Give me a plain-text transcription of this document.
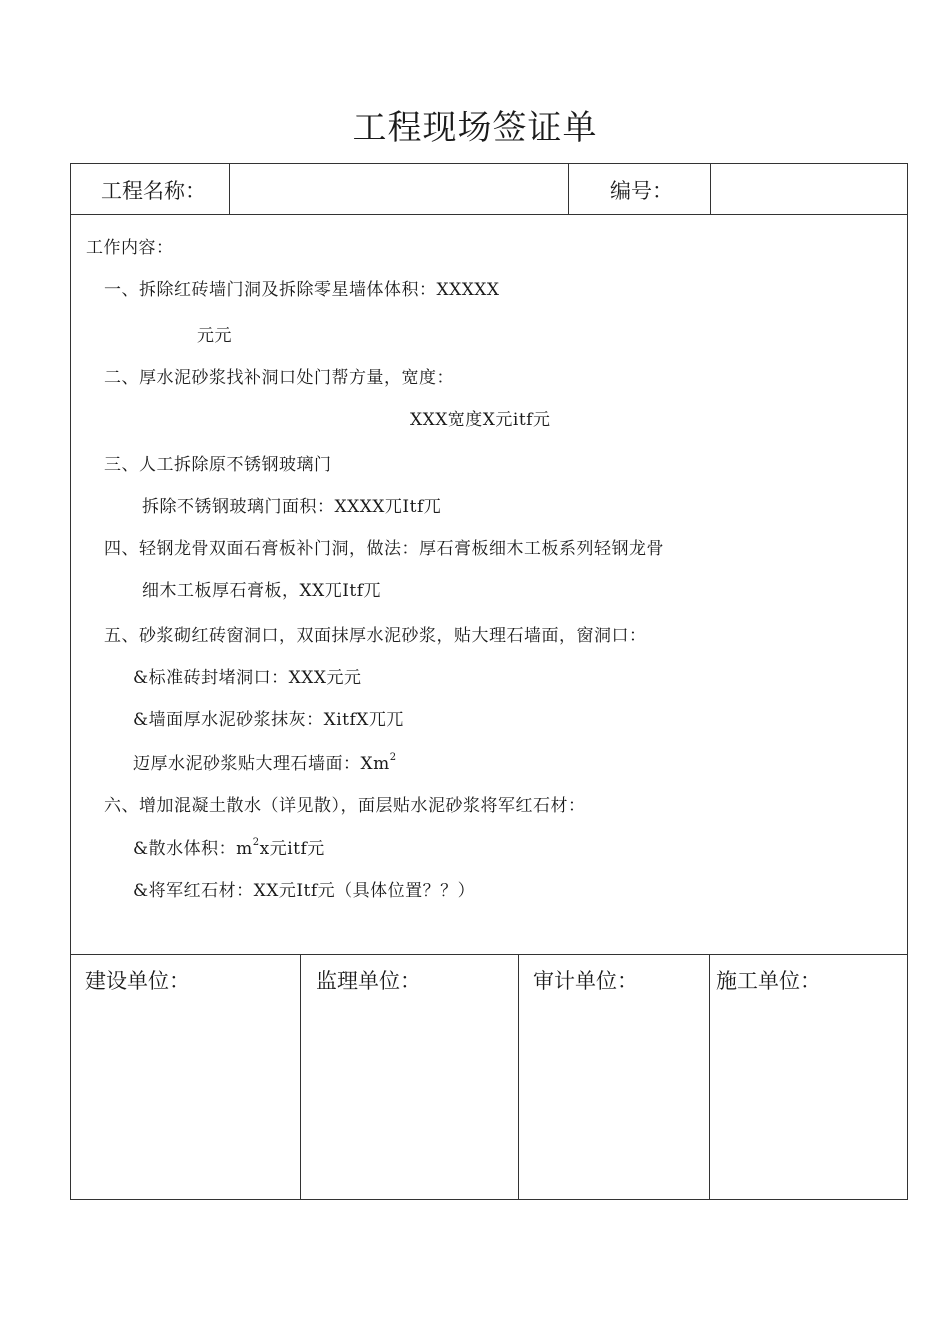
工程现场签证单
工程名称：	编号：
工作内容：
一、拆除红砖墙门洞及拆除零星墙体体积：XXXXX
元元
二、厚水泥砂浆找补洞口处门帮方量，宽度：
XXX宽度X元itf元
三、人工拆除原不锈钢玻璃门
拆除不锈钢玻璃门面积：XXXX兀Itf兀
四、轻钢龙骨双面石膏板补门洞，做法：厚石膏板细木工板系列轻钢龙骨
细木工板厚石膏板，XX兀Itf兀
五、砂浆砌红砖窗洞口，双面抹厚水泥砂浆，贴大理石墙面，窗洞口：
&标准砖封堵洞口：XXX元元
&墙面厚水泥砂浆抹灰：XitfX兀兀
迈厚水泥砂浆贴大理石墙面：Xm$^2$
六、增加混凝土散水（详见散），面层贴水泥砂浆将军红石材：
&散水体积：$m^2x$元itf元
&将军红石材：XX元Itf元（具体位置？？）
建设单位：	监理单位：	审计单位：	施工单位：
